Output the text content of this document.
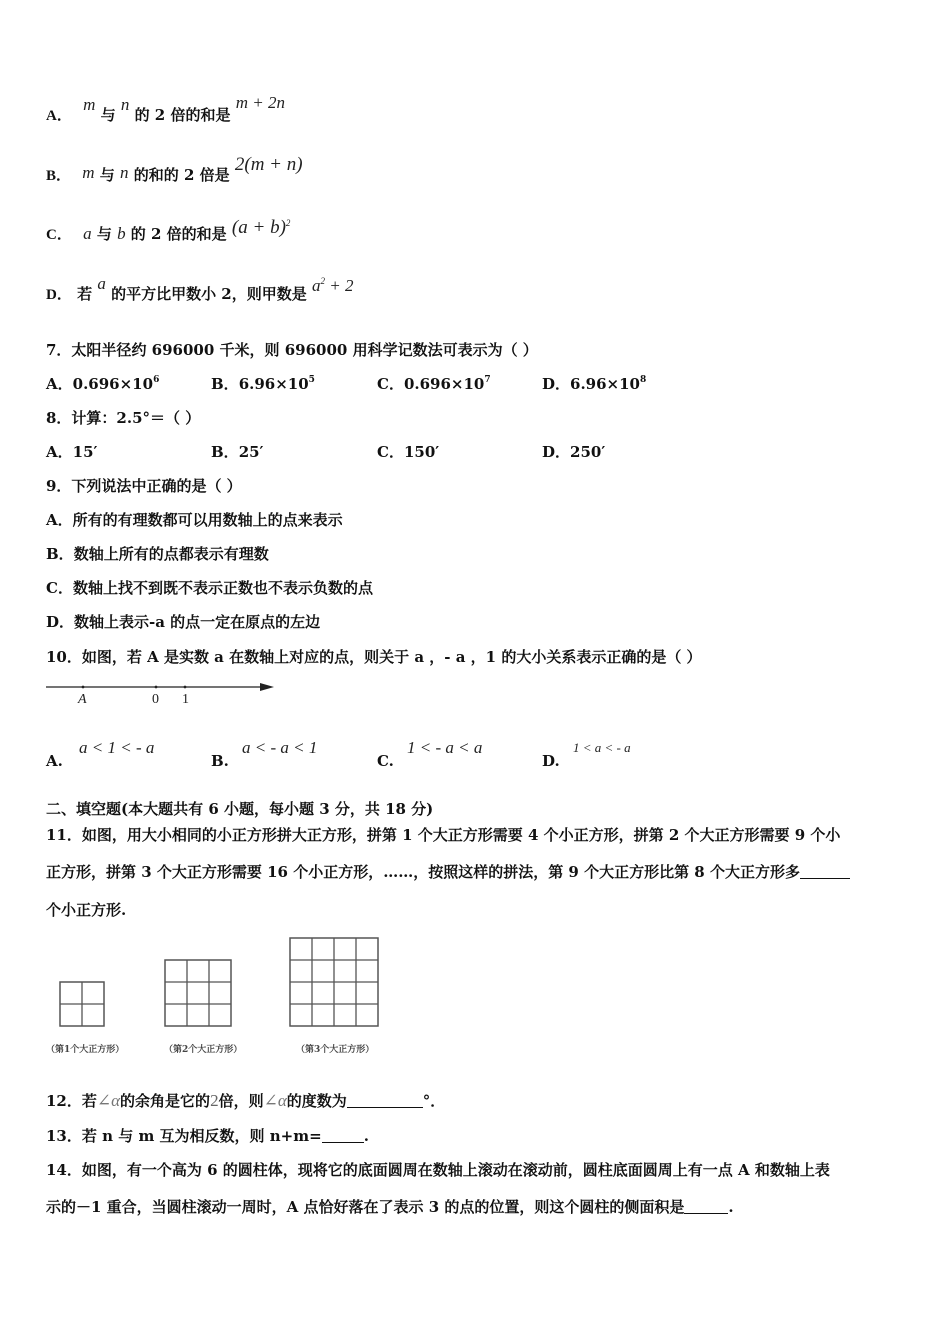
A． m 与 n 的 2 倍的和是 m + 2n
B． m 与 n 的和的 2 倍是 2(m + n)
C． a 与 b 的 2 倍的和是 $(a + b)^2$
D． 若 a 的平方比甲数小 2，则甲数是 $a^2 + 2$
7．太阳半径约 696000 千米，则 696000 用科学记数法可表示为（ ）
A．$0.696\times 10^6$	B．$6.96\times 10^5$	C．$0.696\times 10^7$	D．$6.96\times 10^8$
8．计算：2.5°＝（ ）
A．15′	B．25′	C．150′	D．250′
9．下列说法中正确的是（ ）
A．所有的有理数都可以用数轴上的点来表示
B．数轴上所有的点都表示有理数
C．数轴上找不到既不表示正数也不表示负数的点
D．数轴上表示-a 的点一定在原点的左边
10．如图，若 A 是实数 a 在数轴上对应的点，则关于 a ，‐ a ，1 的大小关系表示正确的是（ ）
A	0 1
A.
a < 1 < - a
B.
a < - a < 1
C.
1 < - a < a
D.
1 < a < - a
二、填空题(本大题共有 6 小题，每小题 3 分，共 18 分)
11．如图，用大小相同的小正方形拼大正方形，拼第 1 个大正方形需要 4 个小正方形，拼第 2 个大正方形需要 9 个小
正方形，拼第 3 个大正方形需要 16 个小正方形，……，按照这样的拼法，第 9 个大正方形比第 8 个大正方形多
个小正方形.
（第1个大正方形）	（第2个大正方形）	（第3个大正方形）
12．若∠α的余角是它的2倍，则∠α的度数为	°．
13．若 n 与 m 互为相反数，则 n+m=	.
14．如图，有一个高为 6 的圆柱体，现将它的底面圆周在数轴上滚动在滚动前，圆柱底面圆周上有一点 A 和数轴上表
示的－1 重合，当圆柱滚动一周时，A 点恰好落在了表示 3 的点的位置，则这个圆柱的侧面积是	.
